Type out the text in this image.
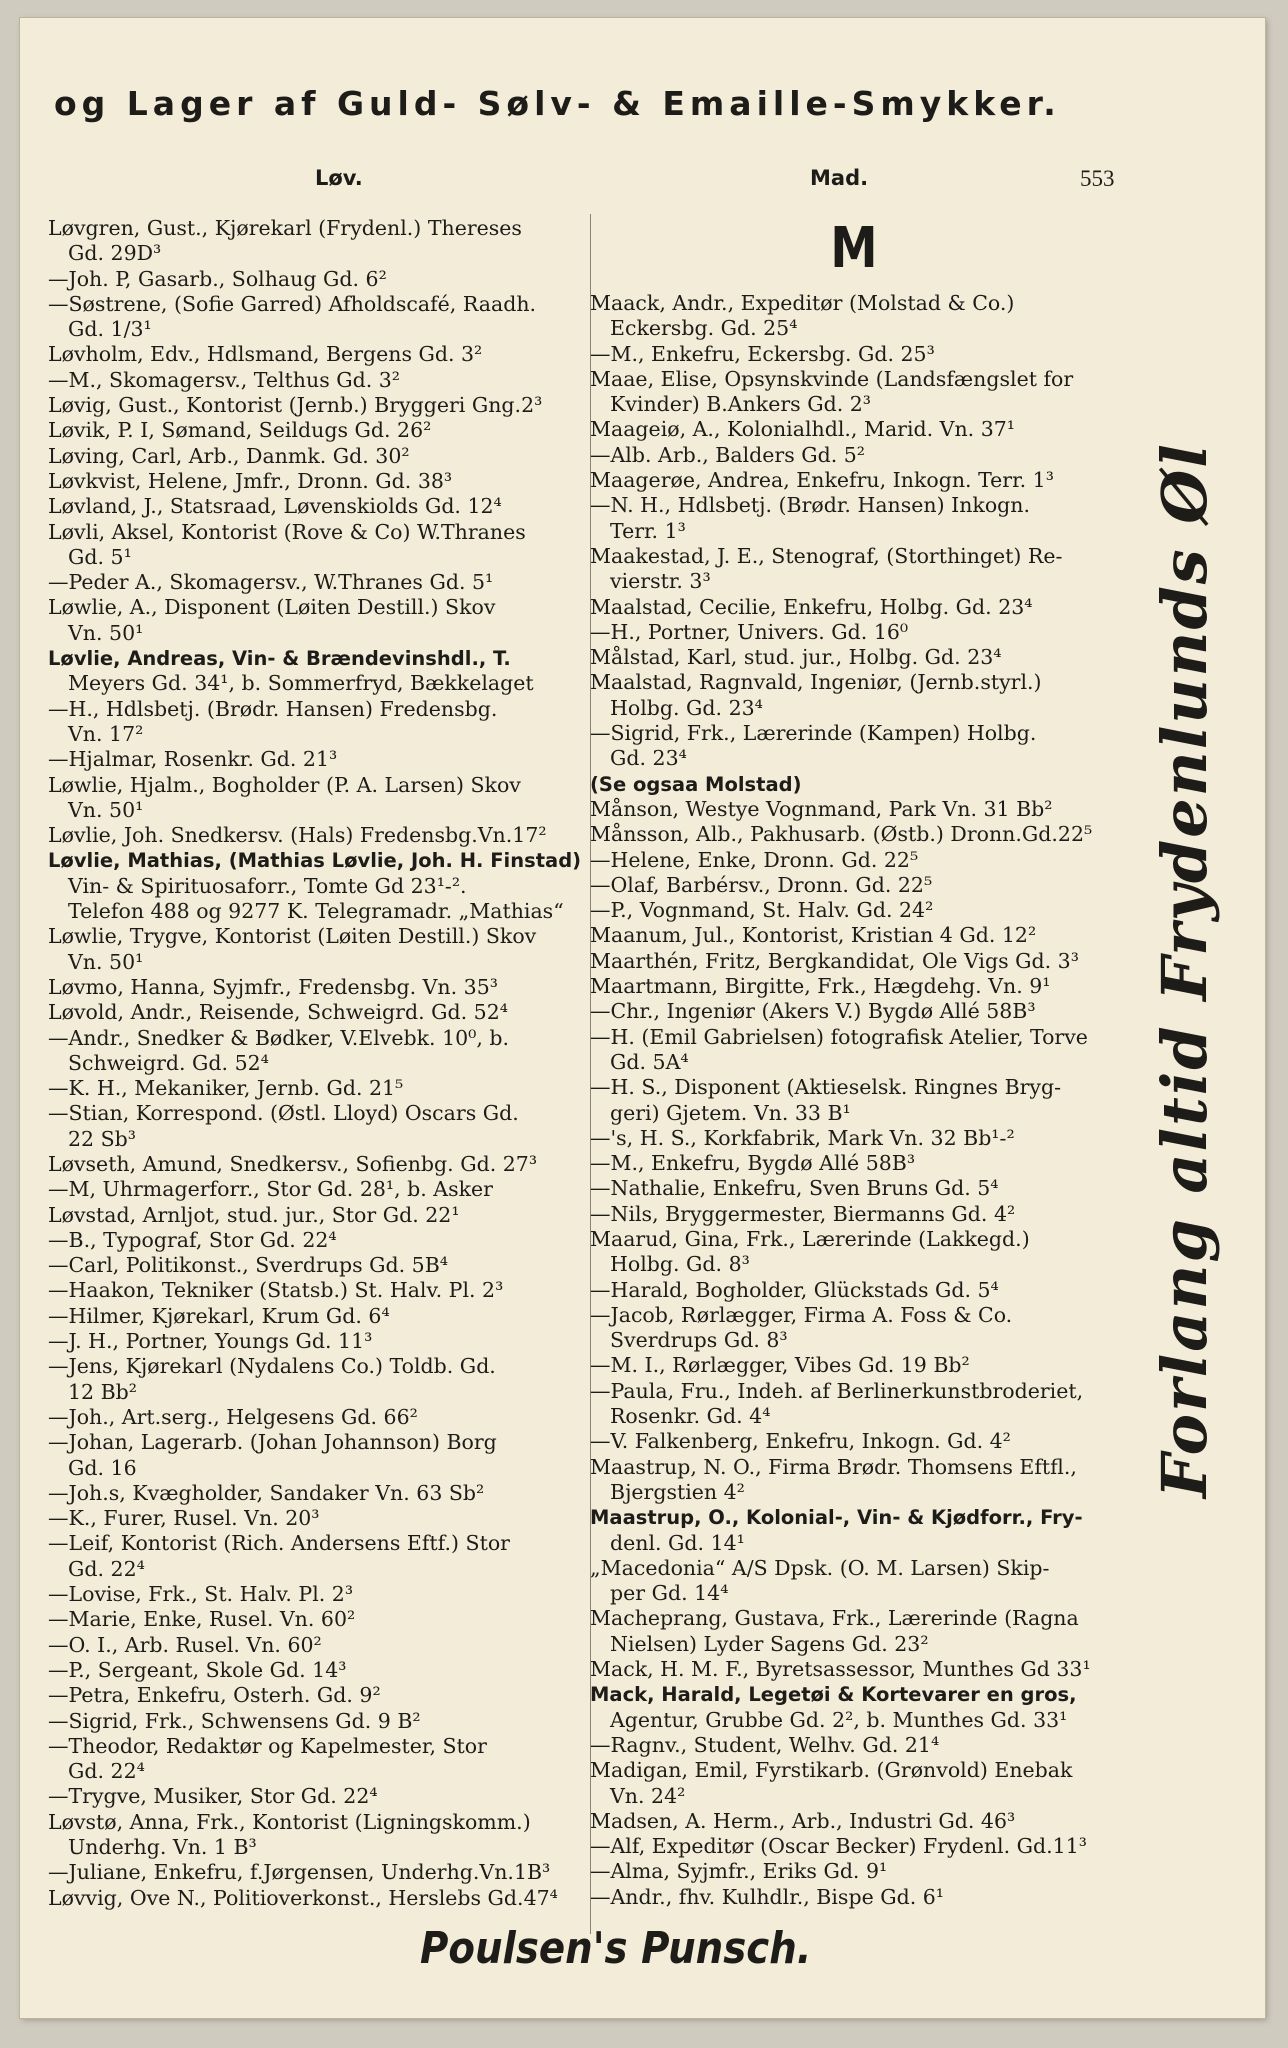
og Lager af Guld- Sølv- & Emaille-Smykker.
Løv.	Mad.	553
Løvgren, Gust., Kjørekarl (Frydenl.) Thereses
Gd. 29D³
—Joh. P, Gasarb., Solhaug Gd. 6²
—Søstrene, (Sofie Garred) Afholdscafé, Raadh.
Gd. 1/3¹
Løvholm, Edv., Hdlsmand, Bergens Gd. 3²
—M., Skomagersv., Telthus Gd. 3²
Løvig, Gust., Kontorist (Jernb.) Bryggeri Gng.2³
Løvik, P. I, Sømand, Seildugs Gd. 26²
Løving, Carl, Arb., Danmk. Gd. 30²
Løvkvist, Helene, Jmfr., Dronn. Gd. 38³
Løvland, J., Statsraad, Løvenskiolds Gd. 12⁴
Løvli, Aksel, Kontorist (Rove & Co) W.Thranes
Gd. 5¹
—Peder A., Skomagersv., W.Thranes Gd. 5¹
Løwlie, A., Disponent (Løiten Destill.) Skov
Vn. 50¹
Løvlie, Andreas, Vin- & Brændevinshdl., T.
Meyers Gd. 34¹, b. Sommerfryd, Bækkelaget
—H., Hdlsbetj. (Brødr. Hansen) Fredensbg.
Vn. 17²
—Hjalmar, Rosenkr. Gd. 21³
Løwlie, Hjalm., Bogholder (P. A. Larsen) Skov
Vn. 50¹
Løvlie, Joh. Snedkersv. (Hals) Fredensbg.Vn.17²
Løvlie, Mathias, (Mathias Løvlie, Joh. H. Finstad)
Vin- & Spirituosaforr., Tomte Gd 23¹-².
Telefon 488 og 9277 K. Telegramadr. „Mathias“
Løwlie, Trygve, Kontorist (Løiten Destill.) Skov
Vn. 50¹
Løvmo, Hanna, Syjmfr., Fredensbg. Vn. 35³
Løvold, Andr., Reisende, Schweigrd. Gd. 52⁴
—Andr., Snedker & Bødker, V.Elvebk. 10⁰, b.
Schweigrd. Gd. 52⁴
—K. H., Mekaniker, Jernb. Gd. 21⁵
—Stian, Korrespond. (Østl. Lloyd) Oscars Gd.
22 Sb³
Løvseth, Amund, Snedkersv., Sofienbg. Gd. 27³
—M, Uhrmagerforr., Stor Gd. 28¹, b. Asker
Løvstad, Arnljot, stud. jur., Stor Gd. 22¹
—B., Typograf, Stor Gd. 22⁴
—Carl, Politikonst., Sverdrups Gd. 5B⁴
—Haakon, Tekniker (Statsb.) St. Halv. Pl. 2³
—Hilmer, Kjørekarl, Krum Gd. 6⁴
—J. H., Portner, Youngs Gd. 11³
—Jens, Kjørekarl (Nydalens Co.) Toldb. Gd.
12 Bb²
—Joh., Art.serg., Helgesens Gd. 66²
—Johan, Lagerarb. (Johan Johannson) Borg
Gd. 16
—Joh.s, Kvægholder, Sandaker Vn. 63 Sb²
—K., Furer, Rusel. Vn. 20³
—Leif, Kontorist (Rich. Andersens Eftf.) Stor
Gd. 22⁴
—Lovise, Frk., St. Halv. Pl. 2³
—Marie, Enke, Rusel. Vn. 60²
—O. I., Arb. Rusel. Vn. 60²
—P., Sergeant, Skole Gd. 14³
—Petra, Enkefru, Osterh. Gd. 9²
—Sigrid, Frk., Schwensens Gd. 9 B²
—Theodor, Redaktør og Kapelmester, Stor
Gd. 22⁴
—Trygve, Musiker, Stor Gd. 22⁴
Løvstø, Anna, Frk., Kontorist (Ligningskomm.)
Underhg. Vn. 1 B³
—Juliane, Enkefru, f.Jørgensen, Underhg.Vn.1B³
Løvvig, Ove N., Politioverkonst., Herslebs Gd.47⁴
M
Maack, Andr., Expeditør (Molstad & Co.)
Eckersbg. Gd. 25⁴
—M., Enkefru, Eckersbg. Gd. 25³
Maae, Elise, Opsynskvinde (Landsfængslet for
Kvinder) B.Ankers Gd. 2³
Maageiø, A., Kolonialhdl., Marid. Vn. 37¹
—Alb. Arb., Balders Gd. 5²
Maagerøe, Andrea, Enkefru, Inkogn. Terr. 1³
—N. H., Hdlsbetj. (Brødr. Hansen) Inkogn.
Terr. 1³
Maakestad, J. E., Stenograf, (Storthinget) Re-
vierstr. 3³
Maalstad, Cecilie, Enkefru, Holbg. Gd. 23⁴
—H., Portner, Univers. Gd. 16⁰
Målstad, Karl, stud. jur., Holbg. Gd. 23⁴
Maalstad, Ragnvald, Ingeniør, (Jernb.styrl.)
Holbg. Gd. 23⁴
—Sigrid, Frk., Lærerinde (Kampen) Holbg.
Gd. 23⁴
(Se ogsaa Molstad)
Månson, Westye Vognmand, Park Vn. 31 Bb²
Månsson, Alb., Pakhusarb. (Østb.) Dronn.Gd.22⁵
—Helene, Enke, Dronn. Gd. 22⁵
—Olaf, Barbérsv., Dronn. Gd. 22⁵
—P., Vognmand, St. Halv. Gd. 24²
Maanum, Jul., Kontorist, Kristian 4 Gd. 12²
Maarthén, Fritz, Bergkandidat, Ole Vigs Gd. 3³
Maartmann, Birgitte, Frk., Hægdehg. Vn. 9¹
—Chr., Ingeniør (Akers V.) Bygdø Allé 58B³
—H. (Emil Gabrielsen) fotografisk Atelier, Torve
Gd. 5A⁴
—H. S., Disponent (Aktieselsk. Ringnes Bryg-
geri) Gjetem. Vn. 33 B¹
—'s, H. S., Korkfabrik, Mark Vn. 32 Bb¹-²
—M., Enkefru, Bygdø Allé 58B³
—Nathalie, Enkefru, Sven Bruns Gd. 5⁴
—Nils, Bryggermester, Biermanns Gd. 4²
Maarud, Gina, Frk., Lærerinde (Lakkegd.)
Holbg. Gd. 8³
—Harald, Bogholder, Glückstads Gd. 5⁴
—Jacob, Rørlægger, Firma A. Foss & Co.
Sverdrups Gd. 8³
—M. I., Rørlægger, Vibes Gd. 19 Bb²
—Paula, Fru., Indeh. af Berlinerkunstbroderiet,
Rosenkr. Gd. 4⁴
—V. Falkenberg, Enkefru, Inkogn. Gd. 4²
Maastrup, N. O., Firma Brødr. Thomsens Eftfl.,
Bjergstien 4²
Maastrup, O., Kolonial-, Vin- & Kjødforr., Fry-
denl. Gd. 14¹
„Macedonia“ A/S Dpsk. (O. M. Larsen) Skip-
per Gd. 14⁴
Macheprang, Gustava, Frk., Lærerinde (Ragna
Nielsen) Lyder Sagens Gd. 23²
Mack, H. M. F., Byretsassessor, Munthes Gd 33¹
Mack, Harald, Legetøi & Kortevarer en gros,
Agentur, Grubbe Gd. 2², b. Munthes Gd. 33¹
—Ragnv., Student, Welhv. Gd. 21⁴
Madigan, Emil, Fyrstikarb. (Grønvold) Enebak
Vn. 24²
Madsen, A. Herm., Arb., Industri Gd. 46³
—Alf, Expeditør (Oscar Becker) Frydenl. Gd.11³
—Alma, Syjmfr., Eriks Gd. 9¹
—Andr., fhv. Kulhdlr., Bispe Gd. 6¹
Forlang altid Frydenlunds Øl
Poulsen's Punsch.
